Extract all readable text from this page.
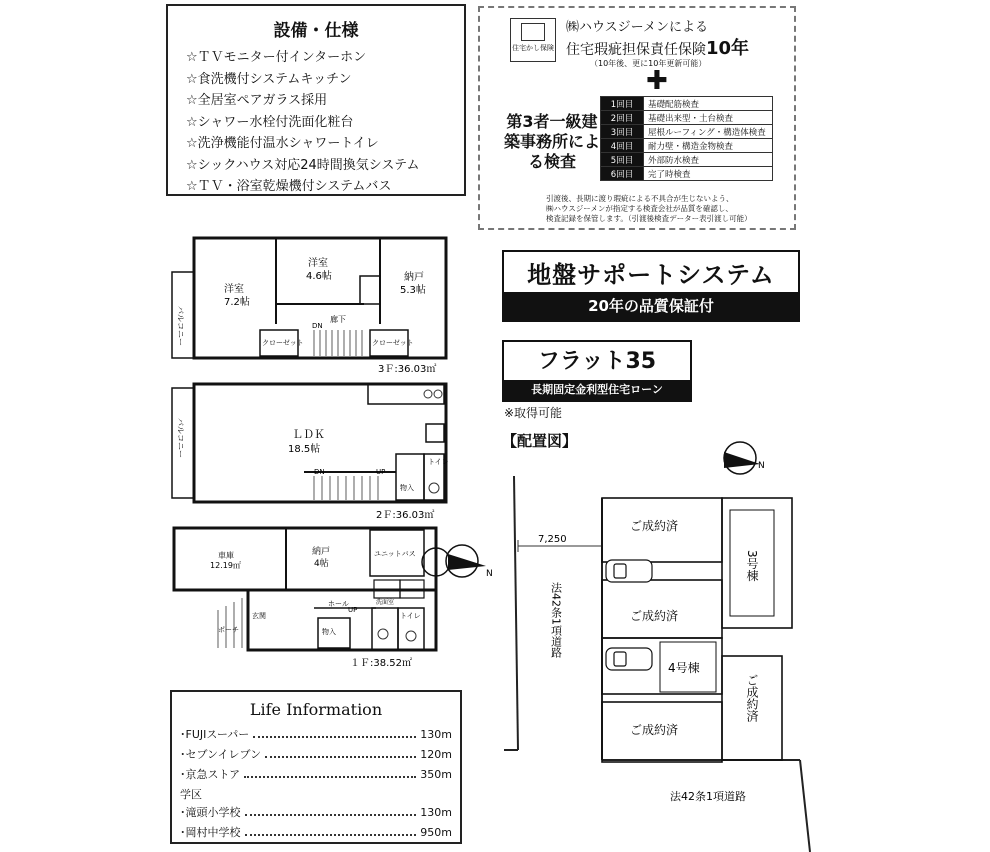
設備・仕様
☆ＴＶモニター付インターホン
☆食洗機付システムキッチン
☆全居室ペアガラス採用
☆シャワー水栓付洗面化粧台
☆洗浄機能付温水シャワートイレ
☆シックハウス対応24時間換気システム
☆ＴＶ・浴室乾燥機付システムバス
住宅かし保険
㈱ハウスジーメンによる
住宅瑕疵担保責任保険10年
（10年後、更に10年更新可能）
✚
第3者一級建築事務所による検査
1回目	基礎配筋検査
2回目	基礎出来型・土台検査
3回目	屋根ルーフィング・構造体検査
4回目	耐力壁・構造金物検査
5回目	外部防水検査
6回目	完了時検査
引渡後、長期に渡り瑕疵による不具合が生じないよう、
㈱ハウスジーメンが指定する検査会社が品質を確認し、
検査記録を保管します。（引渡後検査データー表引渡し可能）
地盤サポートシステム
20年の品質保証付
フラット35
長期固定金利型住宅ローン
※取得可能
【配置図】
バルコニー
洋室
7.2帖
洋室
4.6帖	納戸
5.3帖
クローゼット	クローゼット
廊下
DN
3Ｆ:36.03㎡
バルコニー	ＬＤＫ
18.5帖
トイレ
物入
DN	UP
2Ｆ:36.03㎡
車庫
12.19㎡
納戸
4帖
ユニットバス
ホール	洗面室
トイレ
物入
ポーチ
玄関
UP
１Ｆ:38.52㎡
N
N
7,250
ご成約済
ご成約済
ご成約済
4号棟
3号棟
ご成約済
法42条1項道路
法42条1項道路
Life Information
･FUJIスーパー	130m
･セブンイレブン	120m
･京急ストア	350m
学区
･滝頭小学校	130m
･岡村中学校	950m
